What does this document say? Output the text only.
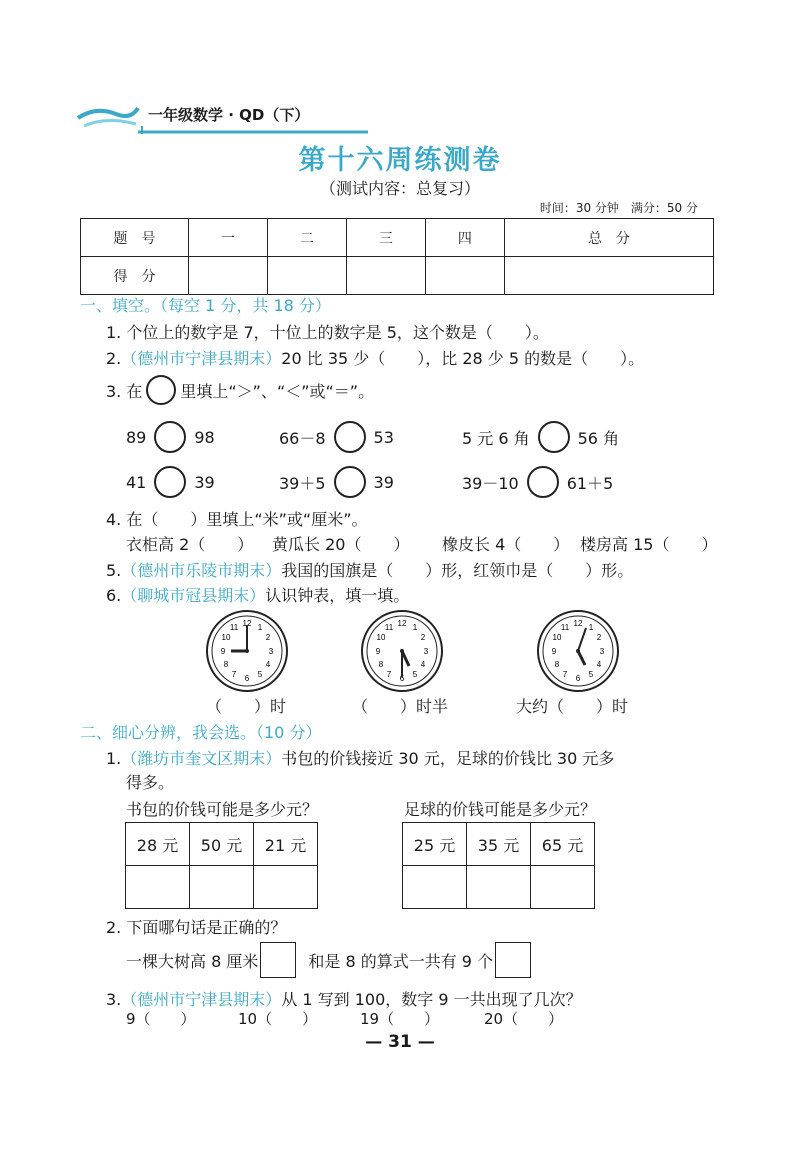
一年级数学 · QD（下）
第十六周练测卷
（测试内容：总复习）
时间：30 分钟　满分：50 分
题　号	一	二	三	四	总　分
得　分					
一、填空。（每空 1 分，共 18 分）
1. 个位上的数字是 7，十位上的数字是 5，这个数是（　　）。
2.（德州市宁津县期末）20 比 35 少（　　），比 28 少 5 的数是（　　）。
3. 在 里填上“＞”、“＜”或“＝”。
89	98	66－8	53	5 元 6 角	56 角
41	39	39＋5	39	39－10	61＋5
4. 在（　　）里填上“米”或“厘米”。
衣柜高 2（　　） 黄瓜长 20（　　） 橡皮长 4（　　） 楼房高 15（　　）
5.（德州市乐陵市期末）我国的国旗是（　　）形，红领巾是（　　）形。
6.（聊城市冠县期末）认识钟表，填一填。
12 1
2
3
4
5
6
7
8
9
10
11	12 1
2
3
4
5
6
7
8
9
10
11	12 1
2
3
4
5
6
7
8
9
10
11
（　　）时	（　　）时半	大约（　　）时
二、细心分辨，我会选。（10 分）
1.（潍坊市奎文区期末）书包的价钱接近 30 元，足球的价钱比 30 元多
得多。
书包的价钱可能是多少元？	足球的价钱可能是多少元？
28 元	50 元	21 元
			25 元	35 元	65 元

2. 下面哪句话是正确的？
一棵大树高 8 厘米	和是 8 的算式一共有 9 个
3.（德州市宁津县期末）从 1 写到 100，数字 9 一共出现了几次？
9（　　）	10（　　）	19（　　）	20（　　）
— 31 —
